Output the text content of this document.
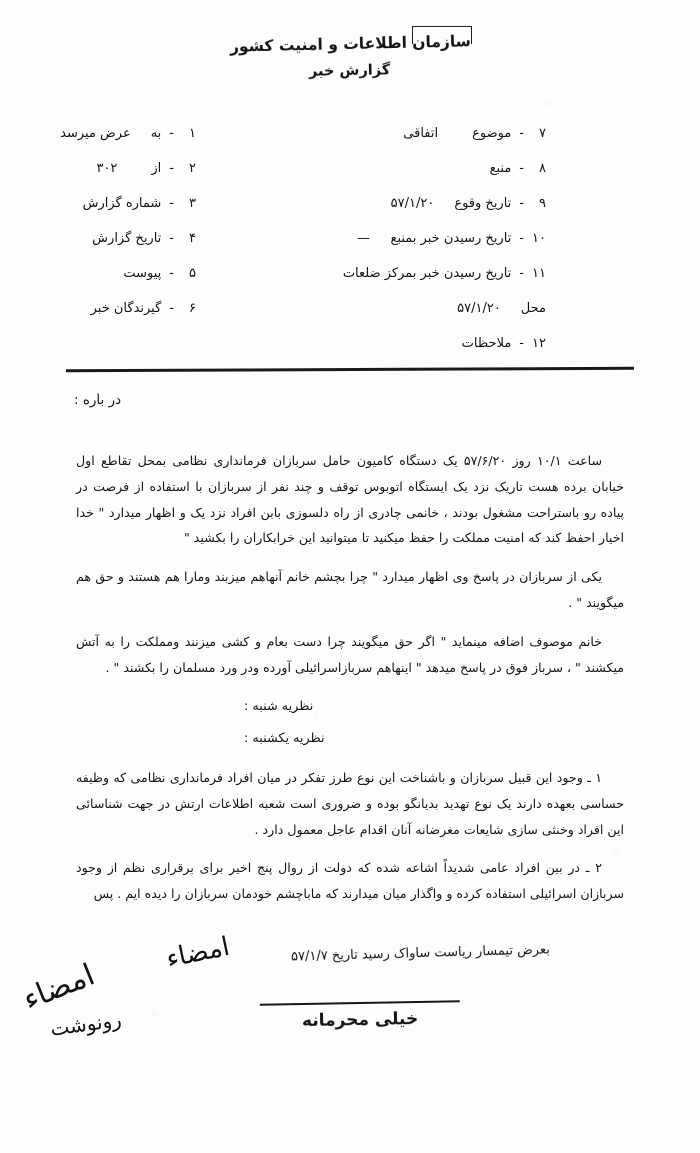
سازمان اطلاعات و امنیت کشور
گزارش خبر
۱
-
به
عرض میرسد
۲
-
از
۳۰۲
۳
-
شماره گزارش
۴
-
تاریخ گزارش
۵
-
پیوست
۶
-
گیرندگان خبر
۷
-
موضوع
اتفاقی
۸
-
منبع
۹
-
تاریخ وقوع
۵۷/۱/۲۰
۱۰
-
تاریخ رسیدن خبر بمنبع
—
۱۱
-
تاریخ رسیدن خبر بمرکز ضلعات
محل
۵۷/۱/۲۰
۱۲
-
ملاحظات
در باره :

ساعت ۱۰/۱ روز ۵۷/۶/۲۰ یک دستگاه کامیون حامل سربازان فرمانداری نظامی بمحل تقاطع اول خیابان برده هست تاریک نزد یک ایستگاه اتوبوس توقف و چند نفر از سربازان با استفاده از فرصت در پیاده رو باستراحت مشغول بودند ، خانمی چادری از راه دلسوزی بابن افراد نزد یک و اظهار میدارد " خدا اخیار احفظ کند که امنیت مملکت را حفظ میکنید تا میتوانید این خرابکاران را بکشید "

یکی از سربازان در پاسخ وی اظهار میدارد " چرا بچشم خانم آنهاهم میزبند ومارا هم هستند و حق هم میگویند " .

خانم موصوف اضافه مینماید " اگر حق میگویند چرا دست بعام و کشی میزنند ومملکت را به آتش میکشند " ، سرباز فوق در پاسخ میدهد " اینهاهم سربازاسرائیلی آورده ودر ورد مسلمان را بکشند " .

نظریه شنبه :

نظریه یکشنبه :

۱ ـ وجود این قبیل سربازان و باشناخت این نوع طرز تفکر در میان افراد فرمانداری نظامی که وظیفه حساسی بعهده دارند یک نوع تهدید بدیانگو بوده و ضروری است شعبه اطلاعات ارتش در جهت شناسائی این افراد وخنثی سازی شایعات مغرضانه آنان اقدام عاجل معمول دارد .

۲ ـ در بین افراد عامی شدیداً اشاعه شده که دولت از روال پنج اخیر برای برقراری نظم از وجود سربازان اسرائیلی استفاده کرده و واگذار میان میدارند که ماباچشم خودمان سربازان را دیده ایم . پس

بعرض تیمسار ریاست ساواک رسید تاریخ ۵۷/۱/۷
امضاء
امضاء
رونوشت	خیلی محرمانه
